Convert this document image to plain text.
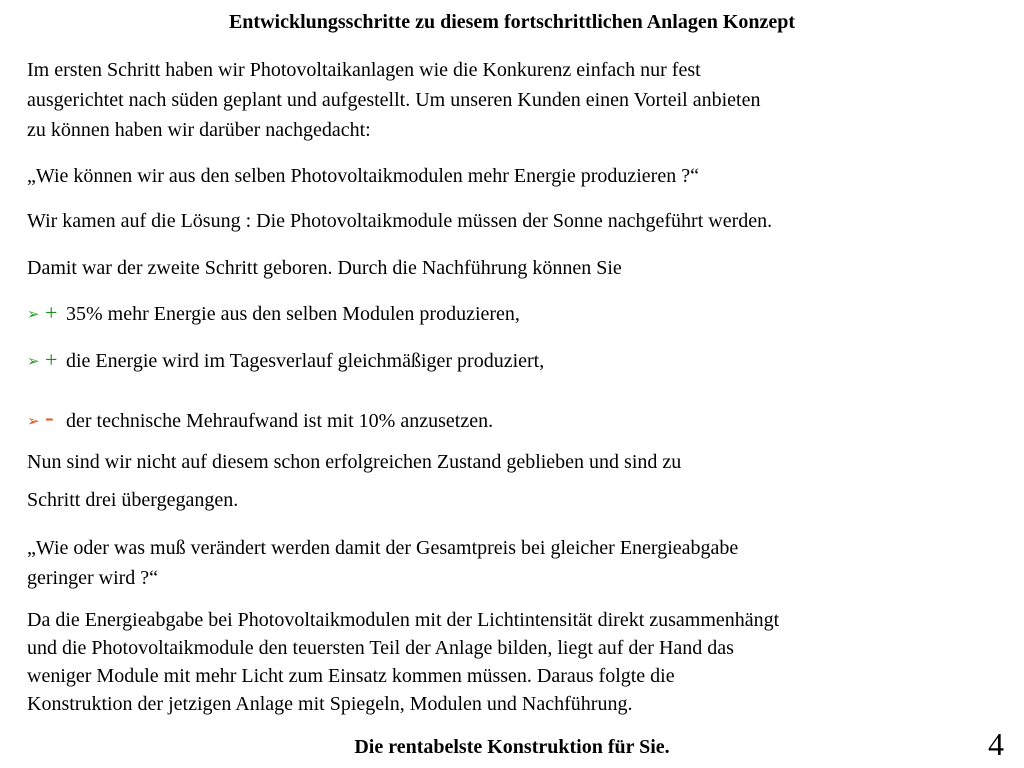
Entwicklungsschritte zu diesem fortschrittlichen Anlagen Konzept
Im ersten Schritt haben wir Photovoltaikanlagen wie die Konkurenz einfach nur fest
ausgerichtet nach süden geplant und aufgestellt. Um unseren Kunden einen Vorteil anbieten
zu können haben wir darüber nachgedacht:
„Wie können wir aus den selben Photovoltaikmodulen mehr Energie produzieren ?“
Wir kamen auf die Lösung : Die Photovoltaikmodule müssen der Sonne nachgeführt werden.
Damit war der zweite Schritt geboren. Durch die Nachführung können Sie
➢ + 35% mehr Energie aus den selben Modulen produzieren,
➢ + die Energie wird im Tagesverlauf gleichmäßiger produziert,
➢ - der technische Mehraufwand ist mit 10% anzusetzen.
Nun sind wir nicht auf diesem schon erfolgreichen Zustand geblieben und sind zu
Schritt drei übergegangen.
„Wie oder was muß verändert werden damit der Gesamtpreis bei gleicher Energieabgabe
geringer wird ?“
Da die Energieabgabe bei Photovoltaikmodulen mit der Lichtintensität direkt zusammenhängt
und die Photovoltaikmodule den teuersten Teil der Anlage bilden, liegt auf der Hand das
weniger Module mit mehr Licht zum Einsatz kommen müssen. Daraus folgte die
Konstruktion der jetzigen Anlage mit Spiegeln, Modulen und Nachführung.
Die rentabelste Konstruktion für Sie.	4
